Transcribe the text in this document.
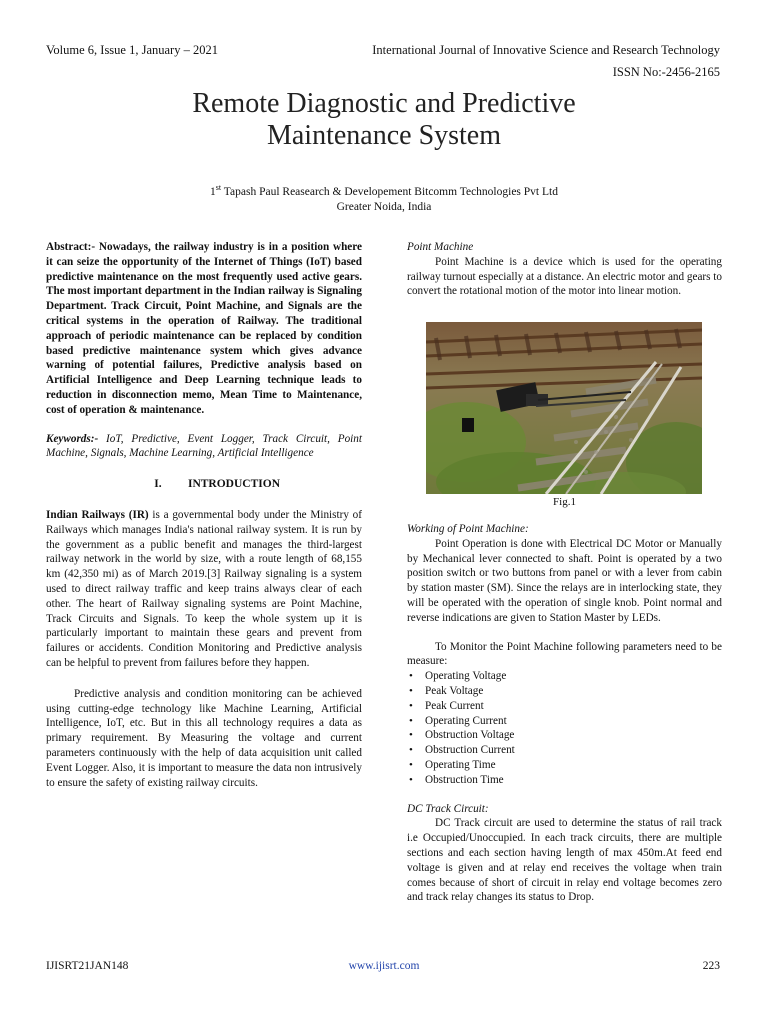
Volume 6, Issue 1, January – 2021	International Journal of Innovative Science and Research Technology
ISSN No:-2456-2165
Remote Diagnostic and Predictive
Maintenance System
1st Tapash Paul Reasearch & Developement Bitcomm Technologies Pvt Ltd
Greater Noida, India

Abstract:- Nowadays, the railway industry is in a position where it can seize the opportunity of the Internet of Things (IoT) based predictive maintenance on the most frequently used active gears. The most important department in the Indian railway is Signaling Department. Track Circuit, Point Machine, and Signals are the critical systems in the operation of Railway. The traditional approach of periodic maintenance can be replaced by condition based predictive maintenance system which gives advance warning of potential failures, Predictive analysis based on Artificial Intelligence and Deep Learning technique leads to reduction in disconnection memo, Mean Time to Maintenance, cost of operation & maintenance.

Keywords:- IoT, Predictive, Event Logger, Track Circuit, Point Machine, Signals, Machine Learning, Artificial Intelligence

I. INTRODUCTION

Indian Railways (IR) is a governmental body under the Ministry of Railways which manages India's national railway system. It is run by the government as a public benefit and manages the third-largest railway network in the world by size, with a route length of 68,155 km (42,350 mi) as of March 2019.[3] Railway signaling is a system used to direct railway traffic and keep trains always clear of each other. The heart of Railway signaling systems are Point Machine, Track Circuits and Signals. To keep the whole system up it is particularly important to maintain these gears and prevent from failures or accidents. Condition Monitoring and Predictive analysis can be helpful to prevent from failures before they happen.

Predictive analysis and condition monitoring can be achieved using cutting-edge technology like Machine Learning, Artificial Intelligence, IoT, etc. But in this all technology requires a data as primary requirement. By Measuring the voltage and current parameters continuously with the help of data acquisition unit called Event Logger. Also, it is important to measure the data non intrusively to ensure the safety of existing railway circuits.

Point Machine

Point Machine is a device which is used for the operating railway turnout especially at a distance. An electric motor and gears to convert the rotational motion of the motor into linear motion.

Fig.1

Working of Point Machine:

Point Operation is done with Electrical DC Motor or Manually by Mechanical lever connected to shaft. Point is operated by a two position switch or two buttons from panel or with a lever from cabin by station master (SM). Since the relays are in interlocking state, they will be operated with the operation of single knob. Point normal and reverse indications are given to Station Master by LEDs.

To Monitor the Point Machine following parameters need to be measure:

• Operating Voltage
• Peak Voltage
• Peak Current
• Operating Current
• Obstruction Voltage
• Obstruction Current
• Operating Time
• Obstruction Time

DC Track Circuit:

DC Track circuit are used to determine the status of rail track i.e Occupied/Unoccupied. In each track circuits, there are multiple sections and each section having length of max 450m.At feed end voltage is given and at relay end receives the voltage when train comes because of short of circuit in relay end voltage becomes zero and track relay changes its status to Drop.

IJISRT21JAN148	www.ijisrt.com	223
